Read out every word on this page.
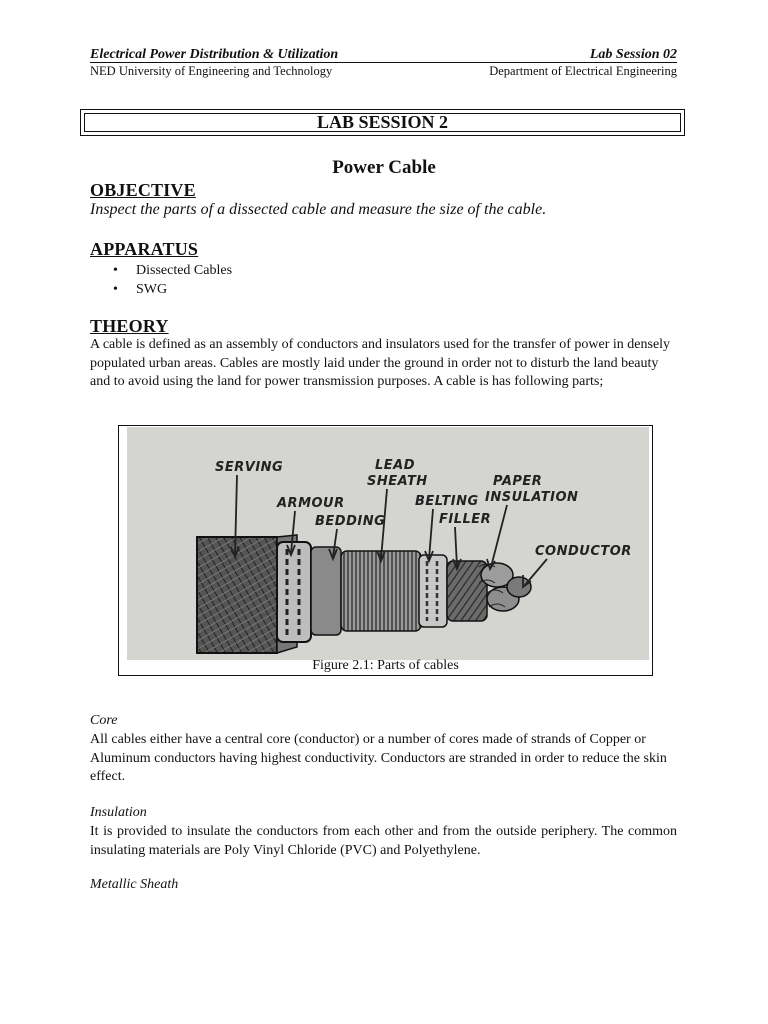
Electrical Power Distribution & Utilization	Lab Session 02
NED University of Engineering and Technology	Department of Electrical Engineering
LAB SESSION 2
Power Cable
OBJECTIVE
Inspect the parts of a dissected cable and measure the size of the cable.
APPARATUS
• Dissected Cables
• SWG
THEORY
A cable is defined as an assembly of conductors and insulators used for the transfer of power in densely populated urban areas. Cables are mostly laid under the ground in order not to disturb the land beauty and to avoid using the land for power transmission purposes. A cable is has following parts;
SERVING
ARMOUR
BEDDING
LEAD
SHEATH
BELTING
FILLER
PAPER
INSULATION
CONDUCTOR
Figure 2.1: Parts of cables
Core
All cables either have a central core (conductor) or a number of cores made of strands of Copper or Aluminum conductors having highest conductivity. Conductors are stranded in order to reduce the skin effect.
Insulation
It is provided to insulate the conductors from each other and from the outside periphery. The common insulating materials are Poly Vinyl Chloride (PVC) and Polyethylene.
Metallic Sheath
